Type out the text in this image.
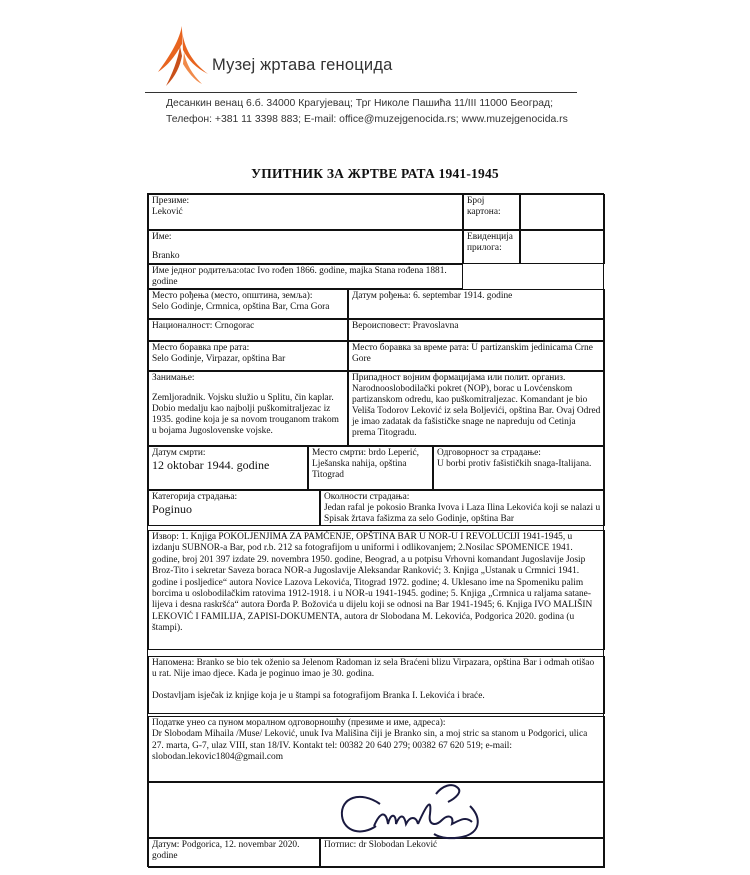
Музеј жртава геноцида
Десанкин венац 6.б. 34000 Крагујевац; Трг Николе Пашића 11/III 11000 Београд;
Телефон: +381 11 3398 883; E-mail: office@muzejgenocida.rs; www.muzejgenocida.rs
УПИТНИК ЗА ЖРТВЕ РАТА 1941-1945
Презиме:
Leković
Број картона:
Име:
Branko
Евиденција прилога:
Име једног родитеља:otac Ivo rođen 1866. godine, majka Stana rođena 1881. godine
Место рођења (место, општина, земља):
Selo Godinje, Crmnica, opština Bar, Crna Gora
Датум рођења: 6. septembar 1914. godine
Националност: Crnogorac	Вероисповест: Pravoslavna
Место боравка пре рата:
Selo Godinje, Virpazar, opština Bar
Место боравка за време рата: U partizanskim jedinicama Crne Gore
Занимање:
Zemljoradnik. Vojsku služio u Splitu, čin kaplar. Dobio medalju kao najbolji puškomitraljezac iz 1935. godine koja je sa novom trouganom trakom u bojama Jugoslovenske vojske.
Припадност војним формацијама или полит. организ.
Narodnooslobodilački pokret (NOP), borac u Lovćenskom partizanskom odredu, kao puškomitraljezac. Komandant je bio Veliša Todorov Leković iz sela Boljevići, opština Bar. Ovaj Odred je imao zadatak da fašističke snage ne napreduju od Cetinja prema Titogradu.
Датум смрти:
12 oktobar 1944. godine
Место смрти: brdo Leperić, Lješanska nahija, opština Titograd
Одговорност за страдање:
U borbi protiv fašističkih snaga-Italijana.
Категорија страдања:
Poginuo
Околности страдања:
Jedan rafal je pokosio Branka Ivova i Laza Ilina Lekovića koji se nalazi u Spisak žrtava fašizma za selo Godinje, opština Bar
Извор: 1. Knjiga POKOLJENJIMA ZA PAMĆENJE, OPŠTINA BAR U NOR-U I REVOLUCIJI 1941-1945, u izdanju SUBNOR-a Bar, pod r.b. 212 sa fotografijom u uniformi i odlikovanjem; 2.Nosilac SPOMENICE 1941. godine, broj 201 397 izdate 29. novembra 1950. godine, Beograd, a u potpisu Vrhovni komandant Jugoslavije Josip Broz-Tito i sekretar Saveza boraca NOR-a Jugoslavije Aleksandar Ranković; 3. Knjiga „Ustanak u Crmnici 1941. godine i posljedice“ autora Novice Lazova Lekovića, Titograd 1972. godine; 4. Uklesano ime na Spomeniku palim borcima u oslobodilačkim ratovima 1912-1918. i u NOR-u 1941-1945. godine; 5. Knjiga „Crmnica u raljama satane-lijeva i desna raskršća“ autora Đorđa P. Božovića u dijelu koji se odnosi na Bar 1941-1945; 6. Knjiga IVO MALIŠIN LEKOVIĆ I FAMILIJA, ZAPISI-DOKUMENTA, autora dr Slobodana M. Lekovića, Podgorica 2020. godina (u štampi).
Напомена: Branko se bio tek oženio sa Jelenom Radoman iz sela Braćeni blizu Virpazara, opština Bar i odmah otišao u rat. Nije imao djece. Kada je poginuo imao je 30. godina.
Dostavljam isječak iz knjige koja je u štampi sa fotografijom Branka I. Lekovića i braće.
Податке унео са пуном моралном одговорношћу (презиме и име, адреса):
Dr Slobodam Mihaila /Muse/ Leković, unuk Iva Mališina čiji je Branko sin, a moj stric sa stanom u Podgorici, ulica 27. marta, G-7, ulaz VIII, stan 18/IV. Kontakt tel: 00382 20 640 279; 00382 67 620 519; e-mail: slobodan.lekovic1804@gmail.com
Датум: Podgorica, 12. novembar 2020. godine
Потпис: dr Slobodan Leković
